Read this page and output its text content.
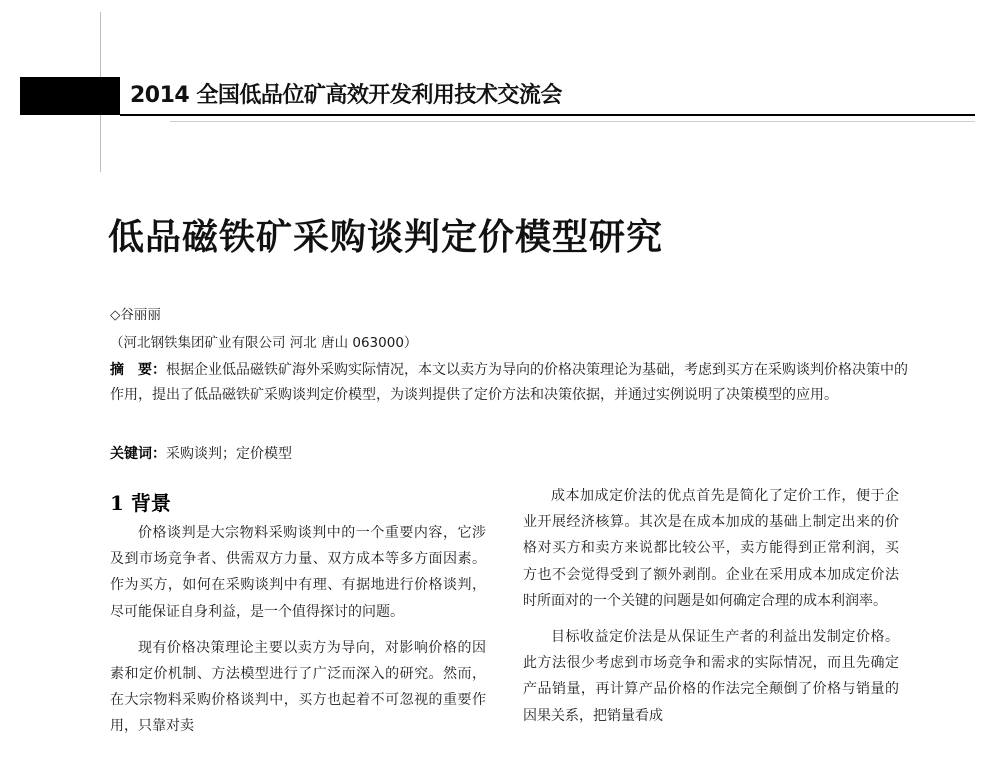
2014 全国低品位矿高效开发利用技术交流会
低品磁铁矿采购谈判定价模型研究
◇谷丽丽
（河北钢铁集团矿业有限公司 河北 唐山 063000）
摘　要：根据企业低品磁铁矿海外采购实际情况，本文以卖方为导向的价格决策理论为基础，考虑到买方在采购谈判价格决策中的作用，提出了低品磁铁矿采购谈判定价模型，为谈判提供了定价方法和决策依据，并通过实例说明了决策模型的应用。
关键词：采购谈判；定价模型
1 背景

价格谈判是大宗物料采购谈判中的一个重要内容，它涉及到市场竞争者、供需双方力量、双方成本等多方面因素。作为买方，如何在采购谈判中有理、有据地进行价格谈判，尽可能保证自身利益，是一个值得探讨的问题。

现有价格决策理论主要以卖方为导向，对影响价格的因素和定价机制、方法模型进行了广泛而深入的研究。然而，在大宗物料采购价格谈判中，买方也起着不可忽视的重要作用，只靠对卖

成本加成定价法的优点首先是简化了定价工作，便于企业开展经济核算。其次是在成本加成的基础上制定出来的价格对买方和卖方来说都比较公平，卖方能得到正常利润，买方也不会觉得受到了额外剥削。企业在采用成本加成定价法时所面对的一个关键的问题是如何确定合理的成本利润率。

目标收益定价法是从保证生产者的利益出发制定价格。此方法很少考虑到市场竞争和需求的实际情况，而且先确定产品销量，再计算产品价格的作法完全颠倒了价格与销量的因果关系，把销量看成
